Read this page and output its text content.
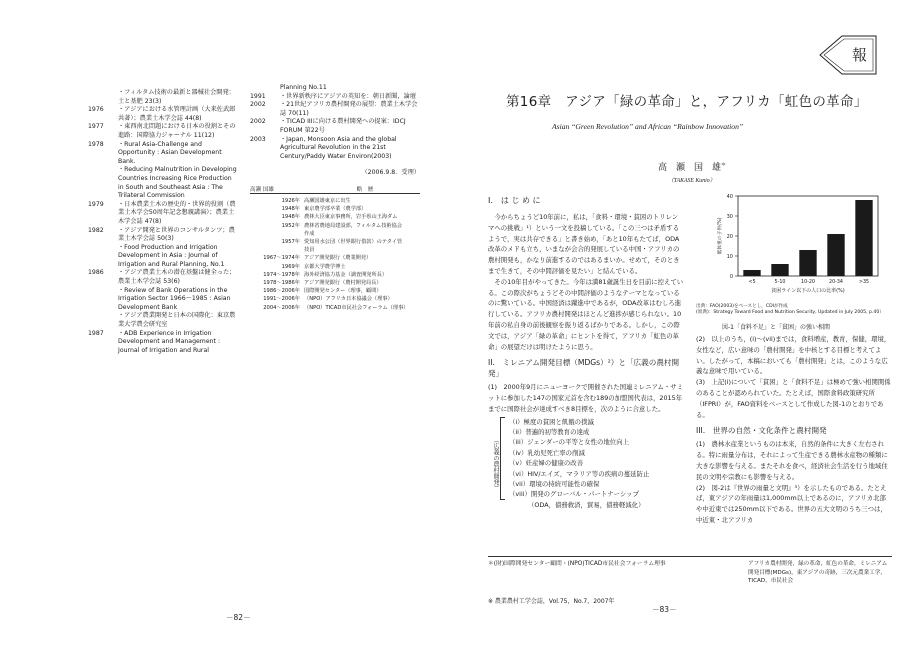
・フィルタム技術の最新と器械社会開発：土と基肥 23(3)
1976	・アジアにおける水管理計画（大来佐武郎共著）；農業土木学会誌 44(8)
1977	・東西南北問題における日本の役割とその進路：国際協力ジャーナル 11(12)
1978	・Rural Asia-Challenge and Opportunity : Asian Development Bank.
・Reducing Malnutrition in Developing Countries Increasing Rice Production in South and Southeast Asia : The Trilateral Commission
1979	・日本農業土木の歴史的・世界的役割（農業土木学会50周年記念懇親講演）；農業土木学会誌 47(8)
1982	・アジア開発と世界のコンサルタンツ；農業土木学会誌 50(3)
・Food Production and Irrigation Development in Asia : Journal of Irrigation and Rural Planning, No.1
1986	・アジア農業土木の潜在基盤は健全った；農業土木学会誌 53(6)
・Review of Bank Operations in the Irrigation Sector 1966～1985 : Asian Development Bank
・アジア農業開発と日本の国際化：東京農業大学農会研究室
1987	・ADB Experience in Irrigation Development and Management : Journal of Irrigation and Rural
Planning No.11
1991	・世界新秩序にアジアの英知を：朝日新聞，論壇
2002	・21世紀アフリカ農村開発の展望：農業土木学会誌 70(11)
2002	・TICAD IIIに向ける農村開発への提案：IDCJ FORUM 第22号
2003	・Japan, Monsoon Asia and the global Agricultural Revolution in the 21st Century/Paddy Water Environ(2003)
（2006.9.8．受理）
高瀬 国雄	略　歴
1926年 高瀬国雄東京に出生
1948年 東京農学部卒業（農学部）
1948年 農林大臣東京事務所，岩手県山王海ダム
1952年 農林省農地局建設部，フィルタム技術協会
作成
1957年 愛知用水公団（世界銀行借款）のテタイ管
技員
1967～1974年 アジア開発銀行（農業開発）
1969年 京都大学農学博士
1974～1978年 海外経済協力基金（調査開発所長）
1978～1986年 アジア開発銀行（農村開発局長）
1986～2006年 国際開発センター（理事，顧問）
1991～2006年 （NPO）アフリカ日本協議会（理事）
2004～2006年 （NPO）TICAD市民社会フォーラム（理事）
－82－
報
第16章　アジア「緑の革命」と，アフリカ「虹色の革命」
Asian “Green Revolution” and African “Rainbow Innovation”
高　瀬　国　雄＊
（TAKASE Kunio）
I.　は じ め に

今からちょうど10年前に，私は，「食料・環境・貧困のトリレンマへの挑戦」¹）という一文を投稿している。「この三つは矛盾するようで，実は共存できる」と書き始め，「あと10年もたてば，ODA改革のメドも立ち，いまなが会合的発展している中国・アフリカの農村開発も，かなり前進するのではあるまいか。せめて，そのときまで生きて，その中間評価を見たい」と結んでいる。

その10年目がやってきた。今年は満81歳誕生日を目前に控えている。この際次がちょうどその中間評価のようなテーマとなっているのに驚いている。中国経済は躍進中であるが，ODA改革はむしろ進行している。アフリカ農村開発はほとんど進捗が感じられない。10年前の私自身の前後観察を振り返るばかりである。しかし，この際文では，アジア「緑の革命」にヒントを得て，アフリカ「虹色の革命」の展望だけは明けたように思う。

II.　ミレニアム開発目標（MDGs）²）と「広義の農村開発」

(1)　2000年9月にニューヨークで開催された国連ミレニアム・サミットに参加した147の国家元首を含む189の加盟国代表は，2015年までに国際社会が達成すべき8目標を，次のように合意した。

（広義の農村開発）
（i）極度の貧困と飢餓の撲滅
（ii）普遍的初等教育の達成
（iii）ジェンダーの平等と女性の地位向上
（iv）乳幼児死亡率の削減
（v）妊産婦の健康の改善
（vi）HIV/エイズ，マラリア等の疾病の蔓延防止
（vii）環境の持続可能性の確保
（viii）開発のグローバル・パートナーシップ
（ODA，債務救済，貿易，債務軽減化）
0
10
20
30
40
<5	5-10	10-20	20-34	>35
低体重の子供(%)
貧困ライン以下の人口の比率(%)
出典：FAO(2003)をベースとし，CDIが作成
(原典)：Strategy Toward Food and Nutrition Security, Updated in July 2005, p.40）
図-1「食料不足」と「貧困」の強い相関

(2)　以上のうち，(i)～(vii)までは，食料増産，教育，保健，環境，女性など，広い意味の「農村開発」を中核とする目標と考えてよい。したがって，本稿においても「農村開発」とは，このような広義な意味で用いている。

(3)　上記(i)について「貧困」と「食料不足」は極めて強い相関関係のあることが認められていた。たとえば，国際食料政策研究所（IFPRI）が，FAO資料をベースとして作成した図-1のとおりである。

III.　世界の自然・文化条件と農村開発

(1)　農林水産業というものは本来，自然的条件に大きく左右される。特に雨量分布は，それによって生産できる農林水産物の種類に大きな影響を与える。またそれを食べ，経済社会生活を行う地域住民の文明や宗教にも影響を与える。

(2)　図-2は『世界の雨量と文明』³）を示したものである。たとえば，東アジアの年雨量は1,000mm以上であるのに，アフリカ北部や中近東では250mm以下である。世界の五大文明のうち三つは，中近東・北アフリカ

＊(財)国際開発センター顧問・(NPO)TICAD市民社会フォーラム理事	アフリカ農村開発，緑の革命，虹色の革命，ミレニアム開発目標(MDGs)，東アジアの奇跡，三次元農業工学，TICAD，市民社会
※ 農業農村工学会誌，Vol.75，No.7，2007年
－83－
